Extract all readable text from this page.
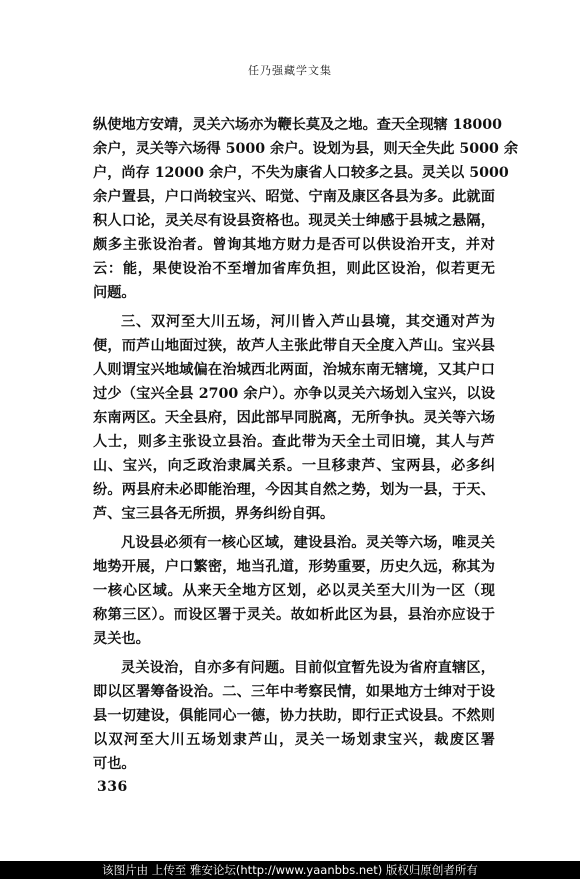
任乃强藏学文集

纵使地方安靖，灵关六场亦为鞭长莫及之地。查天全现辖 18000
余户，灵关等六场得 5000 余户。设划为县，则天全失此 5000 余
户，尚存 12000 余户，不失为康省人口较多之县。灵关以 5000
余户置县，户口尚较宝兴、昭觉、宁南及康区各县为多。此就面
积人口论，灵关尽有设县资格也。现灵关士绅感于县城之悬隔，
颇多主张设治者。曾询其地方财力是否可以供设治开支，并对
云：能，果使设治不至增加省库负担，则此区设治，似若更无
问题。

三、双河至大川五场，河川皆入芦山县境，其交通对芦为
便，而芦山地面过狭，故芦人主张此带自天全度入芦山。宝兴县
人则谓宝兴地域偏在治城西北两面，治城东南无辖境，又其户口
过少（宝兴全县 2700 余户）。亦争以灵关六场划入宝兴，以设
东南两区。天全县府，因此部早同脱离，无所争执。灵关等六场
人士，则多主张设立县治。查此带为天全土司旧境，其人与芦
山、宝兴，向乏政治隶属关系。一旦移隶芦、宝两县，必多纠
纷。两县府未必即能治理，今因其自然之势，划为一县，于天、
芦、宝三县各无所损，界务纠纷自弭。

凡设县必须有一核心区域，建设县治。灵关等六场，唯灵关
地势开展，户口繁密，地当孔道，形势重要，历史久远，称其为
一核心区域。从来天全地方区划，必以灵关至大川为一区（现
称第三区）。而设区署于灵关。故如析此区为县，县治亦应设于
灵关也。

灵关设治，自亦多有问题。目前似宜暂先设为省府直辖区，
即以区署筹备设治。二、三年中考察民情，如果地方士绅对于设
县一切建设，俱能同心一德，协力扶助，即行正式设县。不然则
以双河至大川五场划隶芦山，灵关一场划隶宝兴，裁废区署
可也。

336
该图片由 上传至 雅安论坛(http://www.yaanbbs.net) 版权归原创者所有
